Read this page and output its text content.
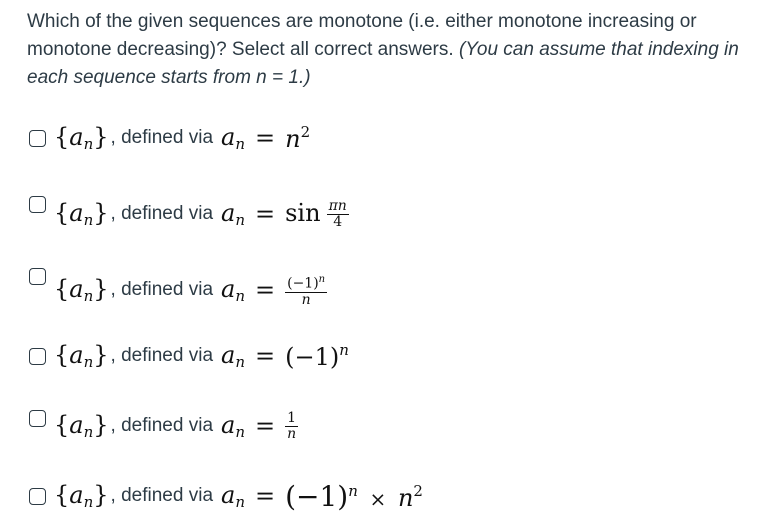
Which of the given sequences are monotone (i.e. either monotone increasing or monotone decreasing)? Select all correct answers. (You can assume that indexing in each sequence starts from n = 1.)
$\{a_n\}$ , defined via $a_n = n^2$
$\{a_n\}$ , defined via $a_n = \sin \frac{\pi n}{4}$
$\{a_n\}$ , defined via $a_n = \frac{(-1)^n}{n}$
$\{a_n\}$ , defined via $a_n = (-1)^n$
$\{a_n\}$ , defined via $a_n = \frac{1}{n}$
$\{a_n\}$ , defined via $a_n = (-1)^n \times n^2$
